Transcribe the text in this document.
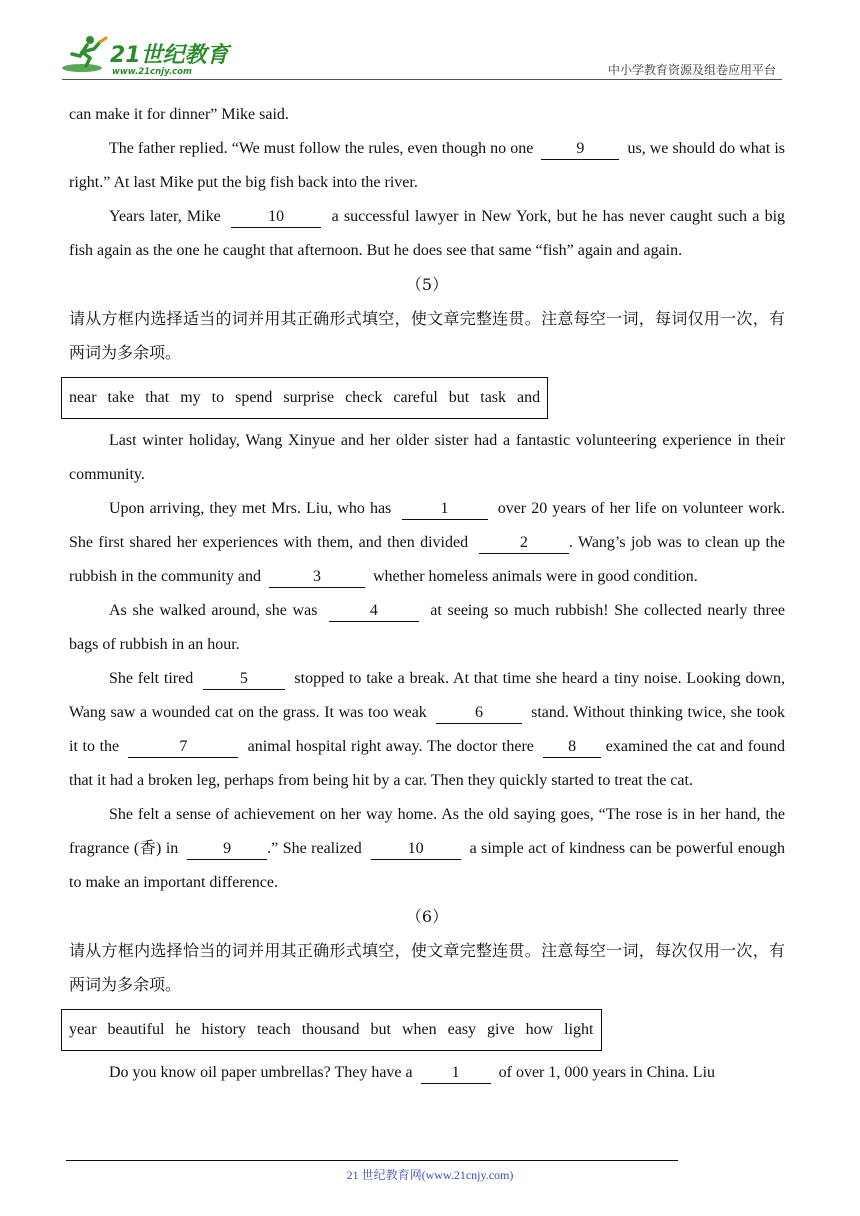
21世纪教育
www.21cnjy.com	中小学教育资源及组卷应用平台

can make it for dinner” Mike said.

The father replied. “We must follow the rules, even though no one	9	us, we should do what is right.” At last Mike put the big fish back into the river.

Years later, Mike	10	a successful lawyer in New York, but he has never caught such a big fish again as the one he caught that afternoon. But he does see that same “fish” again and again.

（5）

请从方框内选择适当的词并用其正确形式填空，使文章完整连贯。注意每空一词，每词仅用一次，有两词为多余项。

near take that my to spend surprise check careful but task and

Last winter holiday, Wang Xinyue and her older sister had a fantastic volunteering experience in their community.

Upon arriving, they met Mrs. Liu, who has	1	over 20 years of her life on volunteer work. She first shared her experiences with them, and then divided	2	. Wang’s job was to clean up the rubbish in the community and	3	whether homeless animals were in good condition.

As she walked around, she was	4	at seeing so much rubbish! She collected nearly three bags of rubbish in an hour.

She felt tired	5	stopped to take a break. At that time she heard a tiny noise. Looking down, Wang saw a wounded cat on the grass. It was too weak	6	stand. Without thinking twice, she took it to the	7	animal hospital right away. The doctor there 8 examined the cat and found that it had a broken leg, perhaps from being hit by a car. Then they quickly started to treat the cat.

She felt a sense of achievement on her way home. As the old saying goes, “The rose is in her hand, the fragrance (香) in	9 .” She realized	10	a simple act of kindness can be powerful enough to make an important difference.

（6）

请从方框内选择恰当的词并用其正确形式填空，使文章完整连贯。注意每空一词，每次仅用一次，有两词为多余项。

year beautiful he history teach thousand but when easy give how light

Do you know oil paper umbrellas? They have a 1 of over 1, 000 years in China. Liu

21 世纪教育网(www.21cnjy.com)
